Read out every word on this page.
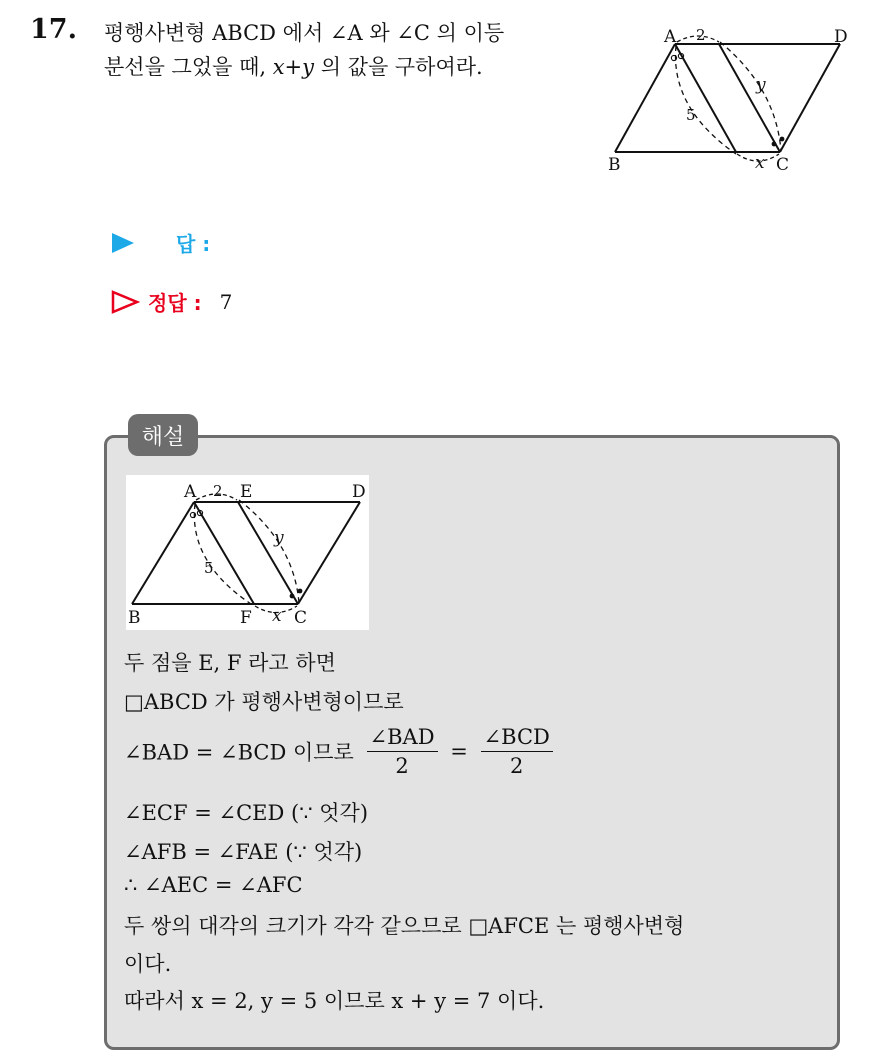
17. 평행사변형 ABCD 에서 ∠A 와 ∠C 의 이등
분선을 그었을 때, x+y 의 값을 구하여라.
A
B	C
D
2
y
5
x
답 :
정답 : 7
해설
A	E	D
B	F C
2
y
5
x
두 점을 E, F 라고 하면
□ABCD 가 평행사변형이므로
∠BAD = ∠BCD 이므로 $\frac{\text{∠BAD}}{2} = \frac{\text{∠BCD}}{2}$
∠ECF = ∠CED (∵ 엇각)
∠AFB = ∠FAE (∵ 엇각)
∴ ∠AEC = ∠AFC
두 쌍의 대각의 크기가 각각 같으므로 □AFCE 는 평행사변형
이다.
따라서 x = 2, y = 5 이므로 x + y = 7 이다.
